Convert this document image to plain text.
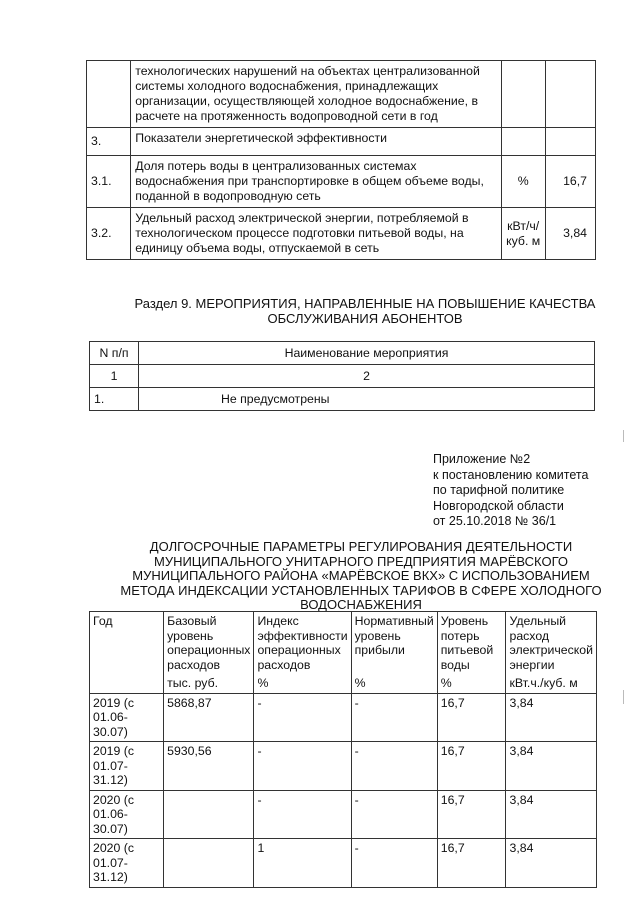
	технологических нарушений на объектах централизованной системы холодного водоснабжения, принадлежащих организации, осуществляющей холодное водоснабжение, в расчете на протяженность водопроводной сети в год		
3.	Показатели энергетической эффективности		
3.1.	Доля потерь воды в централизованных системах водоснабжения при транспортировке в общем объеме воды, поданной в водопроводную сеть	%	16,7
3.2.	Удельный расход электрической энергии, потребляемой в технологическом процессе подготовки питьевой воды, на единицу объема воды, отпускаемой в сеть	кВт/ч/ куб. м	3,84
Раздел 9. МЕРОПРИЯТИЯ, НАПРАВЛЕННЫЕ НА ПОВЫШЕНИЕ КАЧЕСТВА ОБСЛУЖИВАНИЯ АБОНЕНТОВ
N п/п	Наименование мероприятия
1	2
1.	Не предусмотрены
Приложение №2
к постановлению комитета
по тарифной политике
Новгородской области
от 25.10.2018 № 36/1
ДОЛГОСРОЧНЫЕ ПАРАМЕТРЫ РЕГУЛИРОВАНИЯ ДЕЯТЕЛЬНОСТИ МУНИЦИПАЛЬНОГО УНИТАРНОГО ПРЕДПРИЯТИЯ МАРЁВСКОГО МУНИЦИПАЛЬНОГО РАЙОНА «МАРЁВСКОЕ ВКХ» С ИСПОЛЬЗОВАНИЕМ МЕТОДА ИНДЕКСАЦИИ УСТАНОВЛЕННЫХ ТАРИФОВ В СФЕРЕ ХОЛОДНОГО ВОДОСНАБЖЕНИЯ
Год	Базовый уровень операционных расходов	Индекс эффективности операционных расходов	Нормативный уровень прибыли	Уровень потерь питьевой воды	Удельный расход электрической энергии
	тыс. руб.	%	%	%	кВт.ч./куб. м
2019 (с 01.06-30.07)	5868,87	-	-	16,7	3,84
2019 (с 01.07-31.12)	5930,56	-	-	16,7	3,84
2020 (с 01.06-30.07)		-	-	16,7	3,84
2020 (с 01.07-31.12)		1	-	16,7	3,84
